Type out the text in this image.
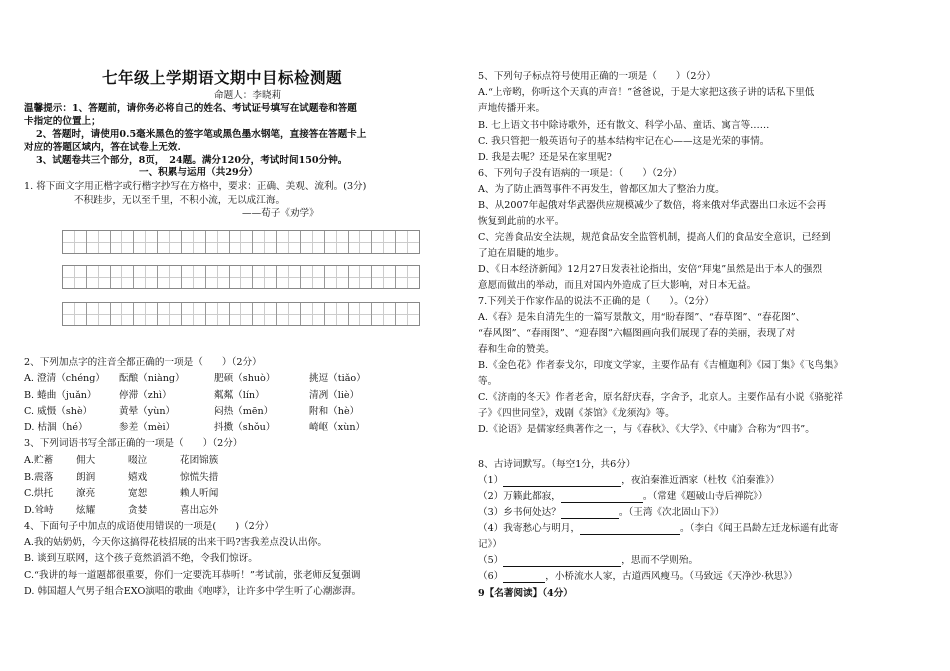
七年级上学期语文期中目标检测题
命题人：李晓莉
温馨提示：1、答题前，请你务必将自己的姓名、考试证号填写在试题卷和答题
卡指定的位置上；
2、答题时，请使用0.5毫米黑色的签字笔或黑色墨水钢笔，直接答在答题卡上
对应的答题区域内，答在试卷上无效.
3、试题卷共三个部分，8页，　24题。满分120分，考试时间150分钟。
一、积累与运用（共29分）
1. 将下面文字用正楷字或行楷字抄写在方格中，要求：正确、美观、流利。(3分)
不积跬步，无以至千里，不积小流，无以成江海。
——荀子《劝学》
2、下列加点字的注音全都正确的一项是（　　）（2分）
A. 澄清（chéng） 酝酿（niàng）	肥硕（shuò）	挑逗（tiǎo）
B. 蜷曲（juǎn） 停滞（zhì）	粼粼（lín）	清冽（liè）
C. 威慑（shè）	黄晕（yùn）	闷热（mēn）	附和（hè）
D. 枯涸（hé）	参差（mèi）	抖擞（shǒu）	崎岖（xùn）
3、下列词语书写全部正确的一项是（　　）（2分）
A.贮蓄 佣大	啜泣	花团锦簇
B.震落 朗润	嬉戏	惊慌失措
C.烘托 潦亮	宽恕	赖人听闻
D.耸峙 炫耀	贪婪	喜出忘外
4、下面句子中加点的成语使用错误的一项是(　　)（2分）
A.我的姑奶奶，今天你这搞得花枝招展的出来干吗?害我差点没认出你。
B. 谈到互联网，这个孩子竟然滔滔不绝，令我们惊讶。
C.“我讲的每一道题都很重要，你们一定要洗耳恭听！”考试前，张老师反复强调
D. 韩国超人气男子组合EXO演唱的歌曲《咆哮》，让许多中学生听了心潮澎湃。
5、下列句子标点符号使用正确的一项是（　　）（2分）
A.“上帝哟，你听这个天真的声音！”爸爸说，于是大家把这孩子讲的话私下里低
声地传播开来。
B. 七上语文书中除诗歌外，还有散文、科学小品、童话、寓言等……
C. 我只管把一般英语句子的基本结构牢记在心——这是光荣的事情。
D. 我是去呢？还是呆在家里呢?
6、下列句子没有语病的一项是：（　　）（2分）
A、为了防止酒驾事件不再发生，曾都区加大了整治力度。
B、从2007年起俄对华武器供应规模减少了数倍，将来俄对华武器出口永远不会再
恢复到此前的水平。
C、完善食品安全法规，规范食品安全监管机制，提高人们的食品安全意识，已经到
了迫在眉睫的地步。
D、《日本经济新闻》12月27日发表社论指出，安倍“拜鬼”虽然是出于本人的强烈
意愿而做出的举动，而且对国内外造成了巨大影响，对日本无益。
7.下列关于作家作品的说法不正确的是（　　）。（2分）
A.《春》是朱自清先生的一篇写景散文，用“盼春图”、“春草图”、“春花图”、
“春风图”、“春雨图”、“迎春图”六幅图画向我们展现了春的美丽，表现了对
春和生命的赞美。
B.《金色花》作者泰戈尔，印度文学家，主要作品有《吉檀迦利》《园丁集》《飞鸟集》
等。
C.《济南的冬天》作者老舍，原名舒庆春，字舍予，北京人。主要作品有小说《骆驼祥
子》《四世同堂》，戏剧《茶馆》《龙须沟》等。
D.《论语》是儒家经典著作之一，与《春秋》、《大学》、《中庸》合称为“四书”。
8、古诗词默写。（每空1分，共6分）
（1）	，夜泊秦淮近酒家（杜牧《泊秦淮》）
（2）万籁此都寂，	。（常建《题破山寺后禅院》）
（3）乡书何处达？	。（王湾《次北固山下》）
（4）我寄愁心与明月，	。（李白《闻王昌龄左迁龙标遥有此寄
记》）
（5）	，思而不学则殆。
（6）	，小桥流水人家，古道西风瘦马。（马致远《天净沙·秋思》）
9【名著阅读】（4分）
